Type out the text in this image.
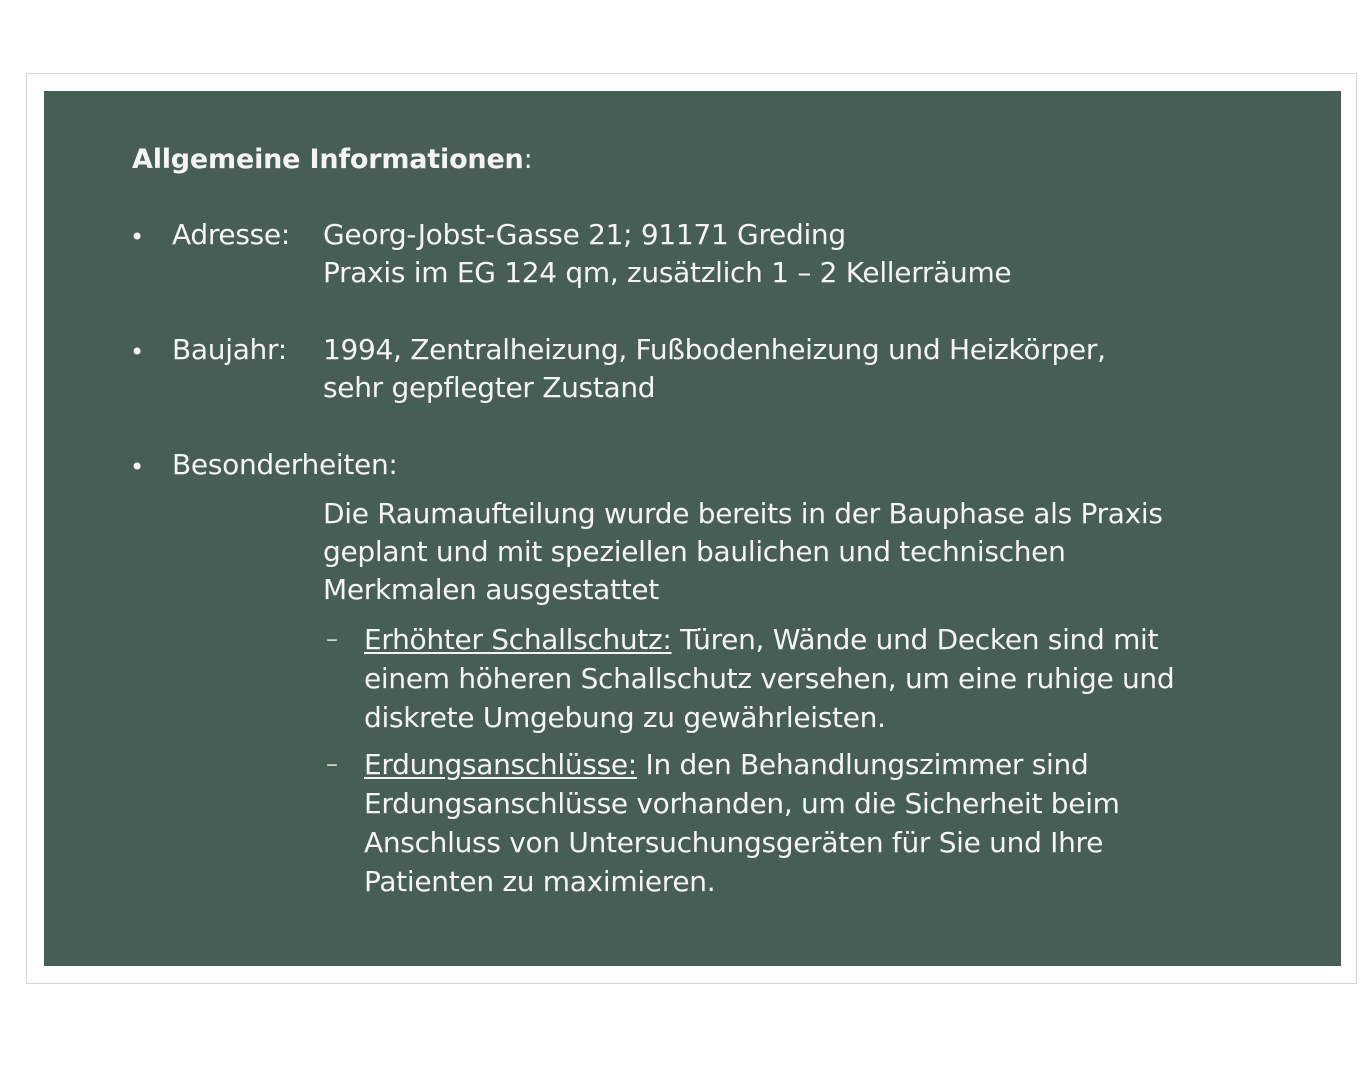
Allgemeine Informationen:
• Adresse: Georg-Jobst-Gasse 21; 91171 Greding
Praxis im EG 124 qm, zusätzlich 1 – 2 Kellerräume
• Baujahr: 1994, Zentralheizung, Fußbodenheizung und Heizkörper,
sehr gepflegter Zustand
• Besonderheiten:
Die Raumaufteilung wurde bereits in der Bauphase als Praxis
geplant und mit speziellen baulichen und technischen
Merkmalen ausgestattet
– Erhöhter Schallschutz: Türen, Wände und Decken sind mit
einem höheren Schallschutz versehen, um eine ruhige und
diskrete Umgebung zu gewährleisten.
– Erdungsanschlüsse: In den Behandlungszimmer sind
Erdungsanschlüsse vorhanden, um die Sicherheit beim
Anschluss von Untersuchungsgeräten für Sie und Ihre
Patienten zu maximieren.
